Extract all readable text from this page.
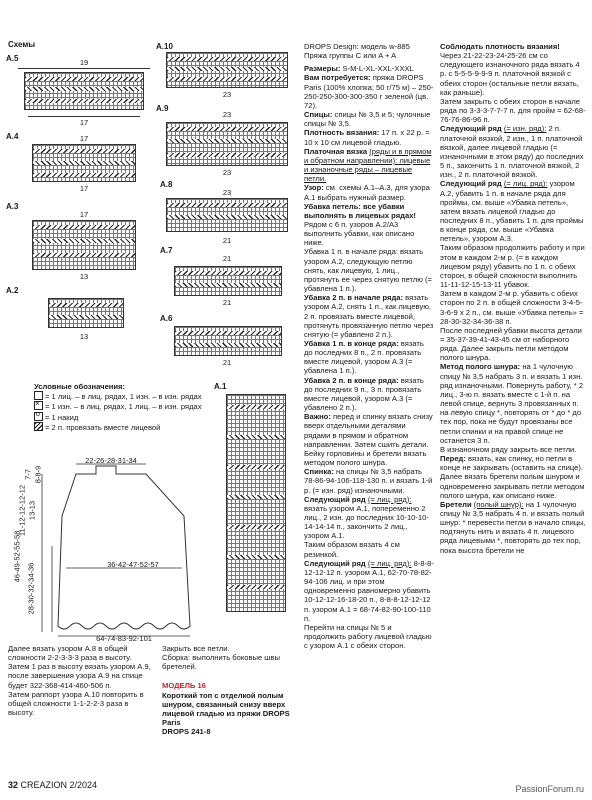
Схемы
A.5	19
17
A.4	17
17
A.3
17
13
A.2
13
A.10
23
A.9
23
23
A.8
23
21
A.7
21
21
A.6
21
A.1
Условные обозначения:
= 1 лиц. – в лиц. рядах, 1 изн. – в изн. рядах
×= 1 изн. – в лиц. рядах, 1 лиц. – в изн. рядах
o= 1 накид
= 2 п. провязать вместе лицевой
22-26-28-31-34
36-42-47-52-57
64-74-83-92-101
46-49-52-55-58
28-30-32-34-36
11-12-12-12-12 13-13
7-7 8-8-9

Далее вязать узором A.8 в общей сложности 2-2-3-3-3 раза в высоту.

Затем 1 раз в высоту вязать узором A.9, после завершения узора A.9 на спице будет 322-368-414-460-506 п.

Затем раппорт узора A.10 повторить в общей сложности 1-1-2-2-3 раза в высоту.

Закрыть все петли.

Сборка: выполнить боковые швы бретелей.

МОДЕЛЬ 16

Короткий топ с отделкой полым шнуром, связанный снизу вверх лицевой гладью из пряжи DROPS Paris

DROPS 241-8

DROPS Design: модель w-885

Пряжа группы C или A + A

Размеры: S-M-L-XL-XXL-XXXL

Вам потребуется: пряжа DROPS Paris (100% хлопка; 50 г/75 м) – 250-250-250-300-300-350 г зеленой (цв. 72).

Спицы: спицы № 3,5 и 5; чулочные спицы № 3,5.

Плотность вязания: 17 п. х 22 р. = 10 х 10 см лицевой гладью.

Платочная вязка (ряды и в прямом и обратном направлении): лицевые и изнаночные ряды – лицевые петли.

Узор: см. схемы A.1–A.3, для узора A.1 выбрать нужный размер.

Убавка петель: все убавки выполнять в лицевых рядах! Рядом с 6 п. узоров A.2/A3 выполнить убавки, как описано ниже.

Убавка 1 п. в начале ряда: вязать узором A.2, следующую петлю снять, как лицевую, 1 лиц., протянуть ее через снятую петлю (= убавлена 1 п.).

Убавка 2 п. в начале ряда: вязать узором A.2, снять 1 п., как лицевую, 2 п. провязать вместе лицевой, протянуть провязанную петлю через снятую (= убавлено 2 п.).

Убавка 1 п. в конце ряда: вязать до последних 8 п., 2 п. провязать вместе лицевой, узором A.3 (= убавлена 1 п.).

Убавка 2 п. в конце ряда: вязать до последних 9 п., 3 п. провязать вместе лицевой, узором A.3 (= убавлено 2 п.).

Важно: перед и спинку вязать снизу вверх отдельными деталями рядами в прямом и обратном направлении. Затем сшить детали. Бейку горловины и бретели вязать методом полого шнура.

Спинка: на спицы № 3,5 набрать 78-86-94-106-118-130 п. и вязать 1-й р. (= изн. ряд) изнаночными.

Следующий ряд (= лиц. ряд): вязать узором A.1, попеременно 2 лиц., 2 изн. до последних 10-10-10-14-14-14 п., закончить 2 лиц., узором A.1.

Таким образом вязать 4 см резинкой.

Следующий ряд (= лиц. ряд): 8-8-8-12-12-12 п. узором A.1, 62-70-78-82-94-106 лиц. и при этом одновременно равномерно убавить 10-12-12-16-18-20 п., 8-8-8-12-12-12 п. узором A.1 = 68-74-82-90-100-110 п.

Перейти на спицы № 5 и продолжить работу лицевой гладью с узором A.1 с обеих сторон.

Соблюдать плотность вязания!

Через 21-22-23-24-25-26 см со следующего изнаночного ряда вязать 4 р. с 5-5-5-9-9-9 п. платочной вязкой с обеих сторон (остальные петли вязать, как раньше).

Затем закрыть с обеих сторон в начале ряда по 3-3-3-7-7-7 п. для пройм = 62-68-76-76-86-96 п.

Следующий ряд (= изн. ряд): 2 п. платочной вязкой, 2 изн., 1 п. платочной вязкой, далее лицевой гладью (= изнаночными в этом ряду) до последних 5 п., закончить 1 п. платочной вязкой, 2 изн., 2 п. платочной вязкой.

Следующий ряд (= лиц. ряд): узором A.2, убавить 1 п. в начале ряда для проймы, см. выше «Убавка петель», затем вязать лицевой гладью до последних 8 п., убавить 1 п. для проймы в конце ряда, см. выше «Убавка петель», узором A.3.

Таким образом продолжить работу и при этом в каждом 2-м р. (= в каждом лицевом ряду) убавить по 1 п. с обеих сторон, в общей сложности выполнить 11-11-12-15-13-11 убавок.

Затем в каждом 2-м р. убавить с обеих сторон по 2 п. в общей сложности 3-4-5-3-6-9 x 2 п., см. выше «Убавка петель» = 28-30-32-34-36-38 п.

После последней убавки высота детали = 35-37-39-41-43-45 см от наборного ряда. Далее закрыть петли методом полого шнура.

Метод полого шнура: на 1 чулочную спицу № 3,5 набрать 3 п. и вязать 1 изн. ряд изнаночными. Повернуть работу, * 2 лиц., 3-ю п. вязать вместе с 1-й п. на левой спице, вернуть 3 провязанных п. на левую спицу *, повторять от * до * до тех пор, пока не будут провязаны все петли спинки и на правой спице не останется 3 п.

В изнаночном ряду закрыть все петли.

Перед: вязать, как спинку, но петли в конце не закрывать (оставить на спице). Далее вязать бретели полым шнуром и одновременно закрывать петли методом полого шнура, как описано ниже.

Бретели (полый шнур): на 1 чулочную спицу № 3,5 набрать 4 п. и вязать полый шнур: * перевести петли в начало спицы, подтянуть нить и вязать 4 п. лицевого ряда лицевыми *, повторять до тех пор, пока высота бретели не

32 CREAZION 2/2024	PassionForum.ru
